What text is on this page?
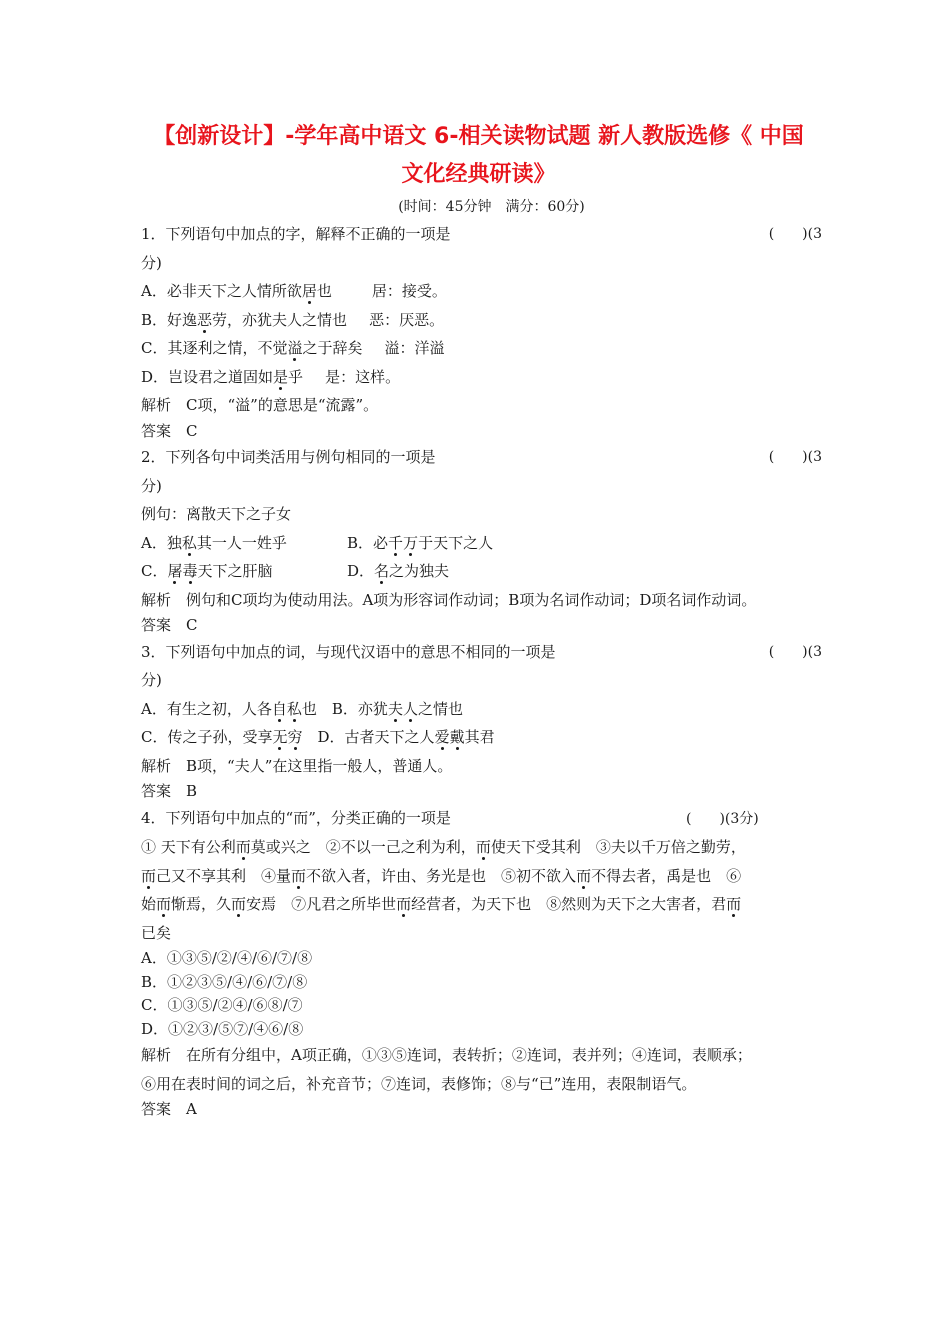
【创新设计】-学年高中语文 6-相关读物试题 新人教版选修《 中国
文化经典研读》
(时间：45分钟　满分：60分)
1．下列语句中加点的字，解释不正确的一项是	(　　)(3
分)
A．必非天下之人情所欲居也	居：接受。
B．好逸恶劳，亦犹夫人之情也 恶：厌恶。
C．其逐利之情，不觉溢之于辞矣 溢：洋溢
D．岂设君之道固如是乎 是：这样。
解析　C项，“溢”的意思是“流露”。
答案　C
2．下列各句中词类活用与例句相同的一项是	(　　)(3
分)
例句：离散天下之子女
A．独私其一人一姓乎	B．必千万于天下之人
C．屠毒天下之肝脑	D．名之为独夫
解析　例句和C项均为使动用法。A项为形容词作动词；B项为名词作动词；D项名词作动词。
答案　C
3．下列语句中加点的词，与现代汉语中的意思不相同的一项是	(　　)(3
分)
A．有生之初，人各自私也　 B．亦犹夫人之情也
C．传之子孙，受享无穷　 D．古者天下之人爱戴其君
解析　B项，“夫人”在这里指一般人，普通人。
答案　B
4．下列语句中加点的“而”，分类正确的一项是	(　　)(3分)
① 天下有公利而莫或兴之　②不以一己之利为利，而使天下受其利　③夫以千万倍之勤劳，
而己又不享其利　④量而不欲入者，许由、务光是也　⑤初不欲入而不得去者，禹是也　⑥
始而惭焉，久而安焉　⑦凡君之所毕世而经营者，为天下也　⑧然则为天下之大害者，君而
已矣
A．①③⑤/②/④/⑥/⑦/⑧
B．①②③⑤/④/⑥/⑦/⑧
C．①③⑤/②④/⑥⑧/⑦
D．①②③/⑤⑦/④⑥/⑧
解析　在所有分组中，A项正确，①③⑤连词，表转折；②连词，表并列；④连词，表顺承；
⑥用在表时间的词之后，补充音节；⑦连词，表修饰；⑧与“已”连用，表限制语气。
答案　A
